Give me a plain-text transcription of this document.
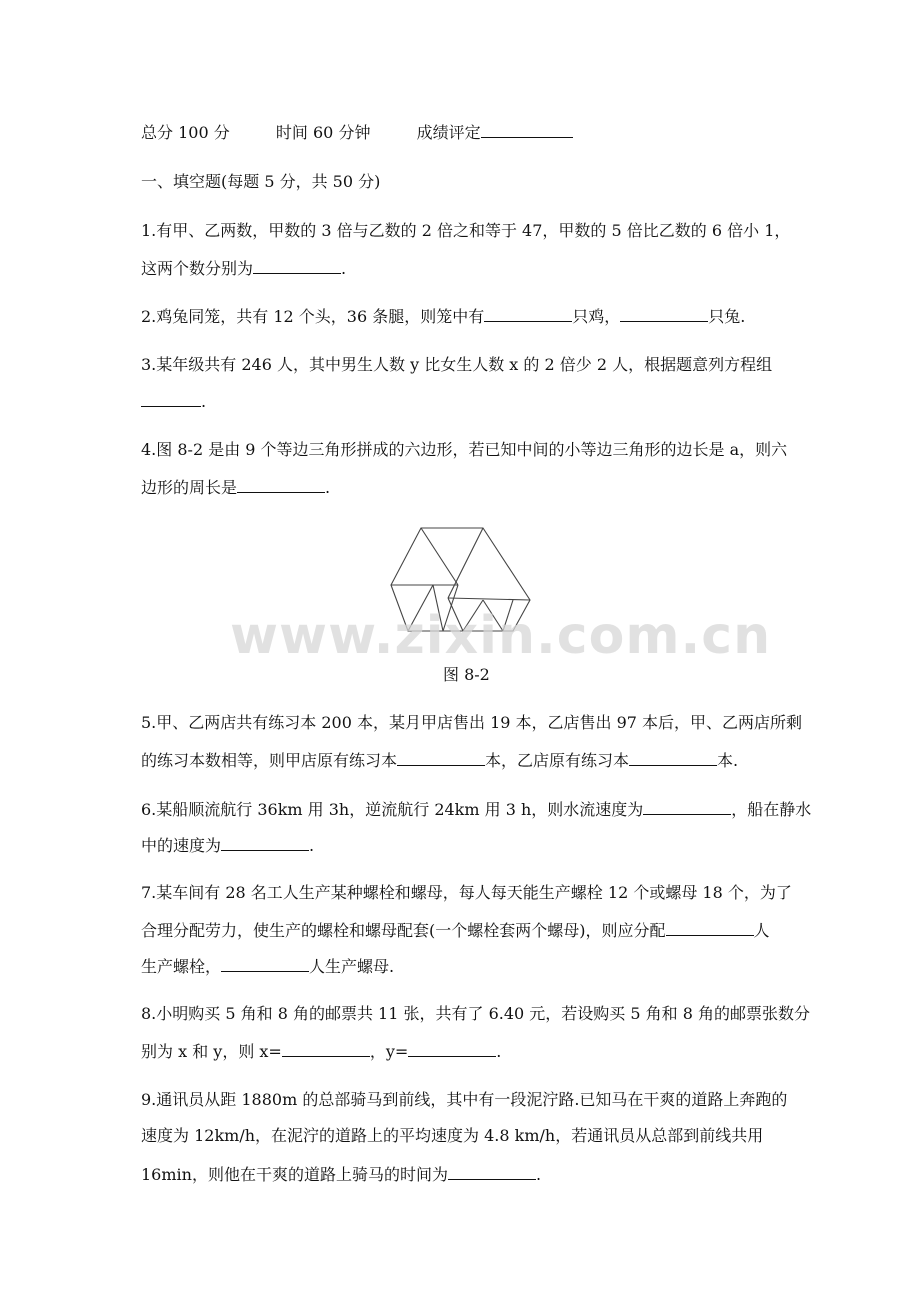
总分 100 分	时间 60 分钟	成绩评定
一、填空题(每题 5 分，共 50 分)
1.有甲、乙两数，甲数的 3 倍与乙数的 2 倍之和等于 47，甲数的 5 倍比乙数的 6 倍小 1，
这两个数分别为	.
2.鸡兔同笼，共有 12 个头，36 条腿，则笼中有	只鸡，	只兔.
3.某年级共有 246 人，其中男生人数 y 比女生人数 x 的 2 倍少 2 人，根据题意列方程组
.
4.图 8-2 是由 9 个等边三角形拼成的六边形，若已知中间的小等边三角形的边长是 a，则六
边形的周长是	.
www.zixin.com.cn
图 8-2
5.甲、乙两店共有练习本 200 本，某月甲店售出 19 本，乙店售出 97 本后，甲、乙两店所剩
的练习本数相等，则甲店原有练习本	本，乙店原有练习本	本.
6.某船顺流航行 36km 用 3h，逆流航行 24km 用 3 h，则水流速度为	，船在静水
中的速度为	.
7.某车间有 28 名工人生产某种螺栓和螺母，每人每天能生产螺栓 12 个或螺母 18 个，为了
合理分配劳力，使生产的螺栓和螺母配套(一个螺栓套两个螺母)，则应分配	人
生产螺栓，	人生产螺母.
8.小明购买 5 角和 8 角的邮票共 11 张，共有了 6.40 元，若设购买 5 角和 8 角的邮票张数分
别为 x 和 y，则 x=	，y=	.
9.通讯员从距 1880m 的总部骑马到前线，其中有一段泥泞路.已知马在干爽的道路上奔跑的
速度为 12km/h，在泥泞的道路上的平均速度为 4.8 km/h，若通讯员从总部到前线共用
16min，则他在干爽的道路上骑马的时间为	.
